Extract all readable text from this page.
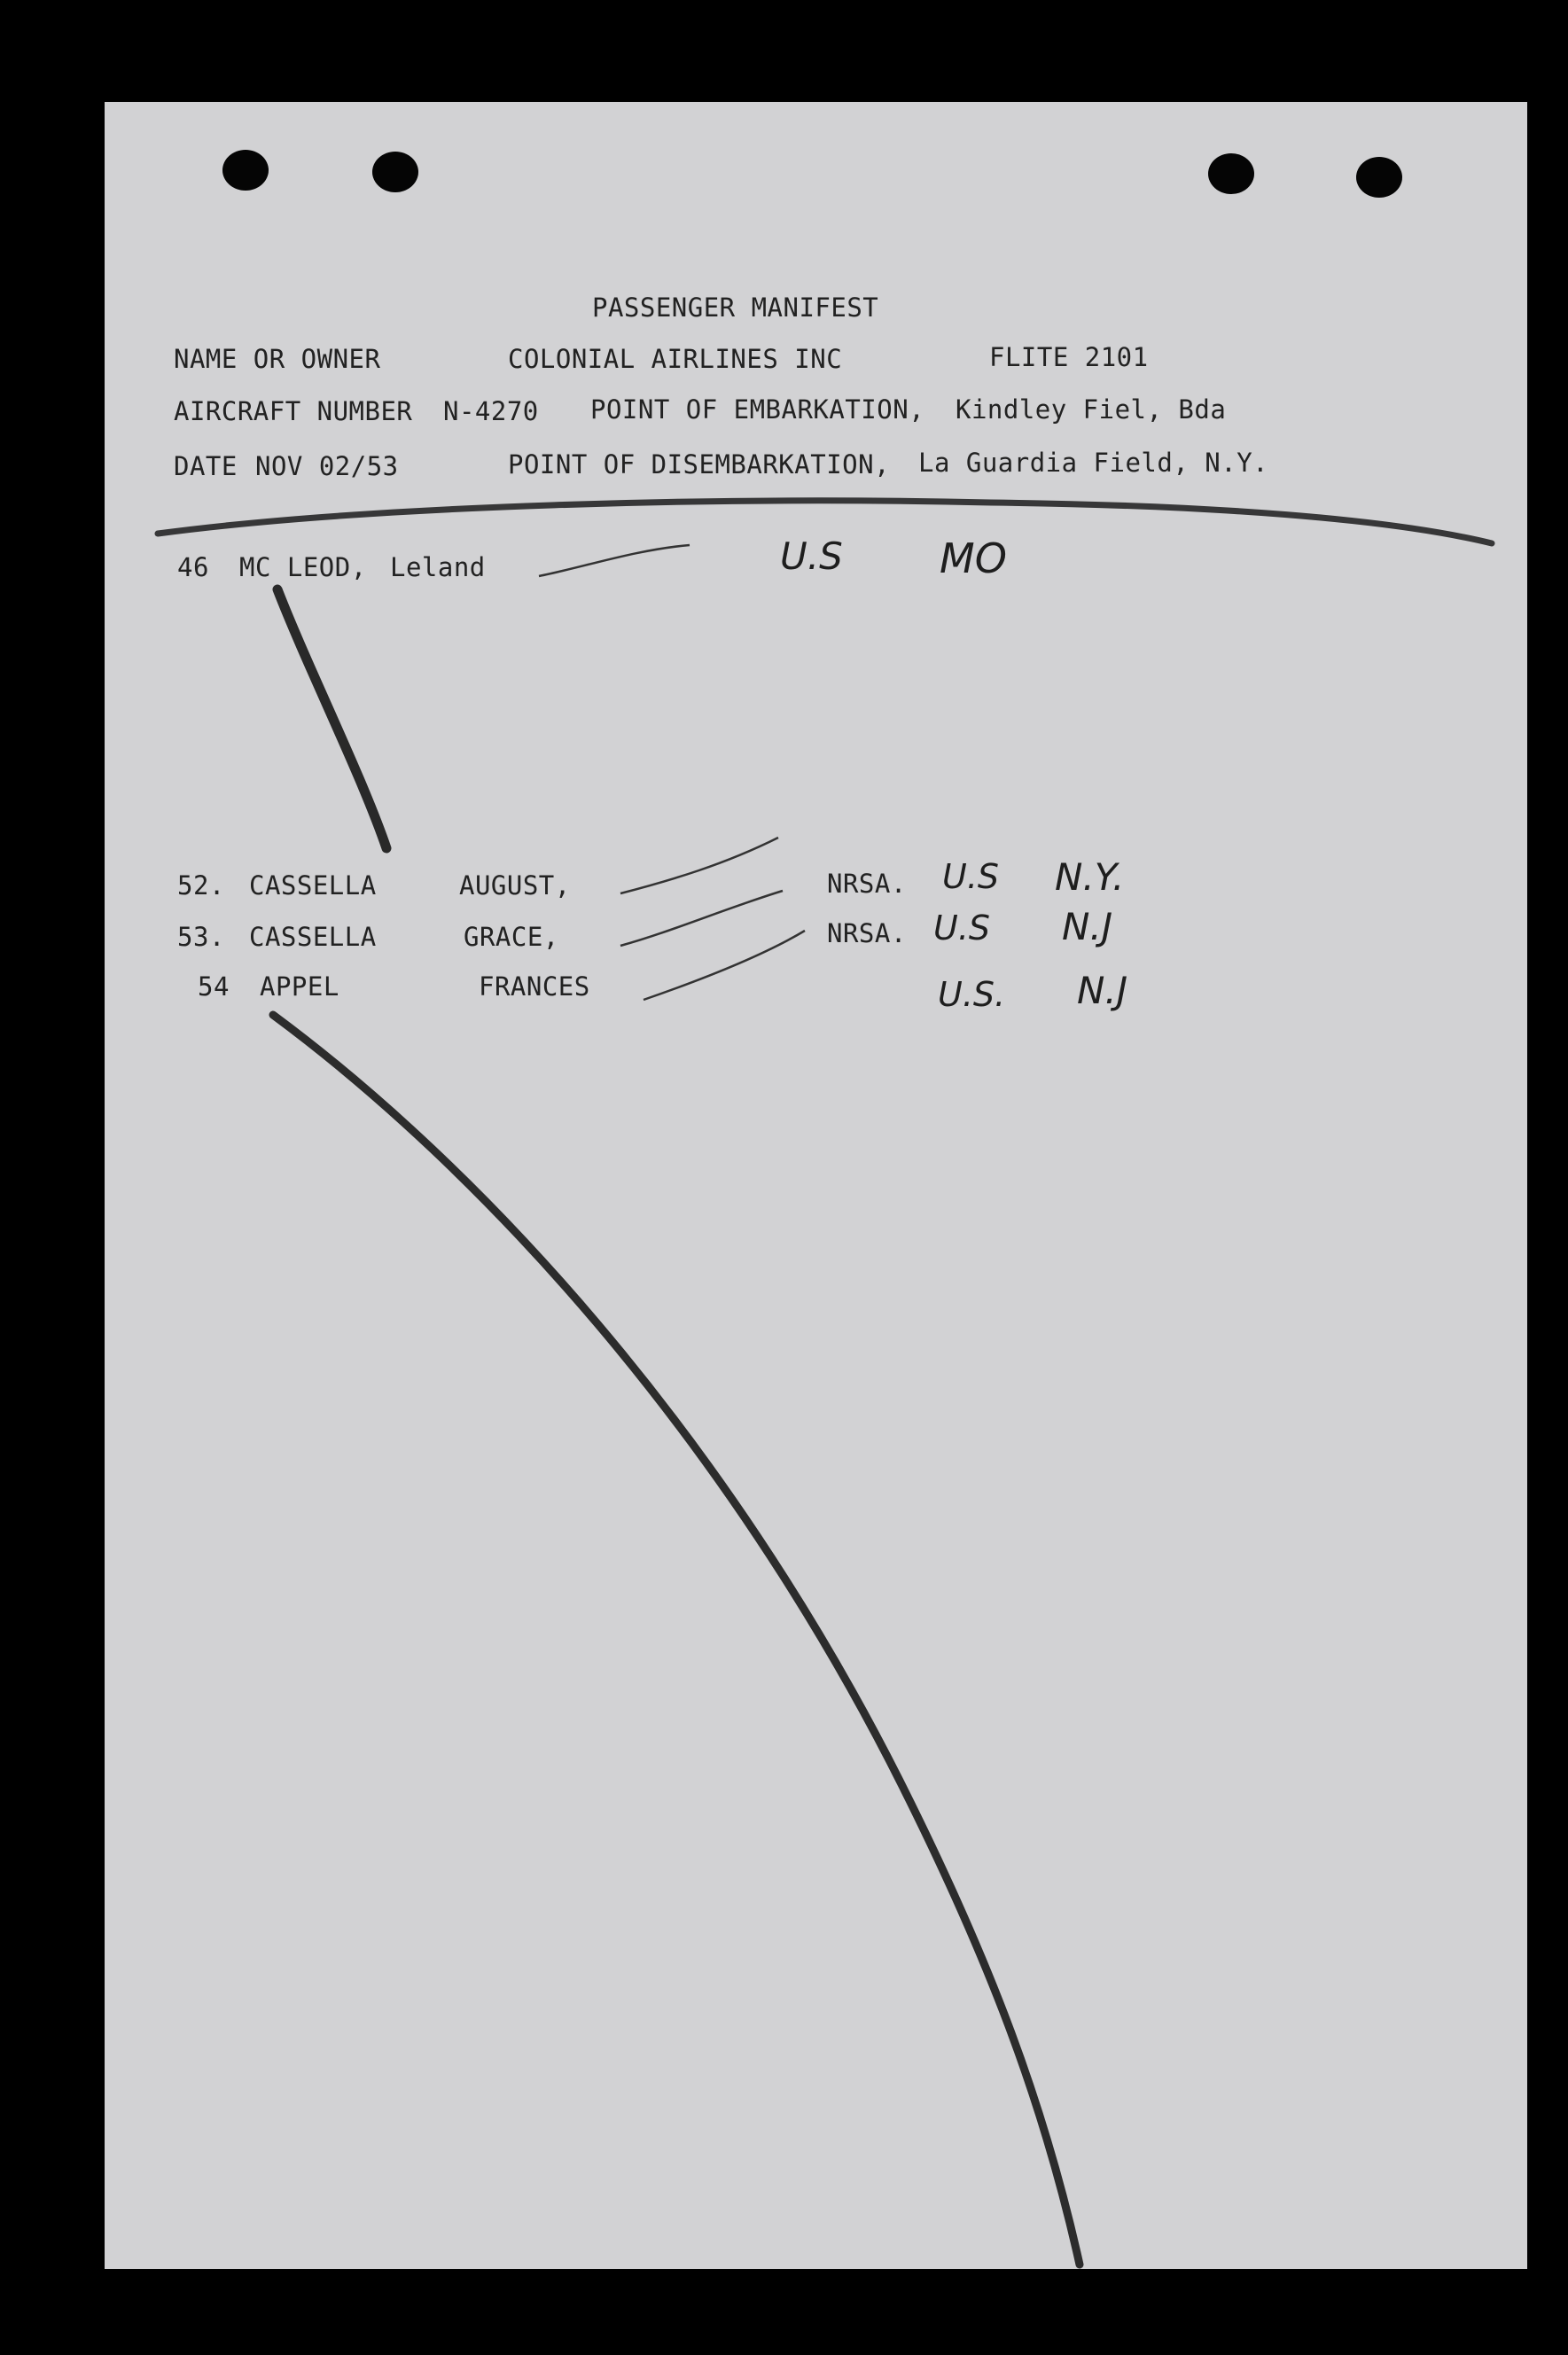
PASSENGER MANIFEST
NAME OR OWNER	COLONIAL AIRLINES INC	FLITE 2101
AIRCRAFT NUMBER N-4270 POINT OF EMBARKATION, Kindley Fiel, Bda
DATE NOV 02/53	POINT OF DISEMBARKATION, La Guardia Field, N.Y.
46 MC LEOD, Leland	U.S MO
52. CASSELLA	AUGUST,	NRSA. U.S N.Y.
53. CASSELLA	GRACE,	NRSA. U.S N.J
54 APPEL	FRANCES	U.S. N.J
